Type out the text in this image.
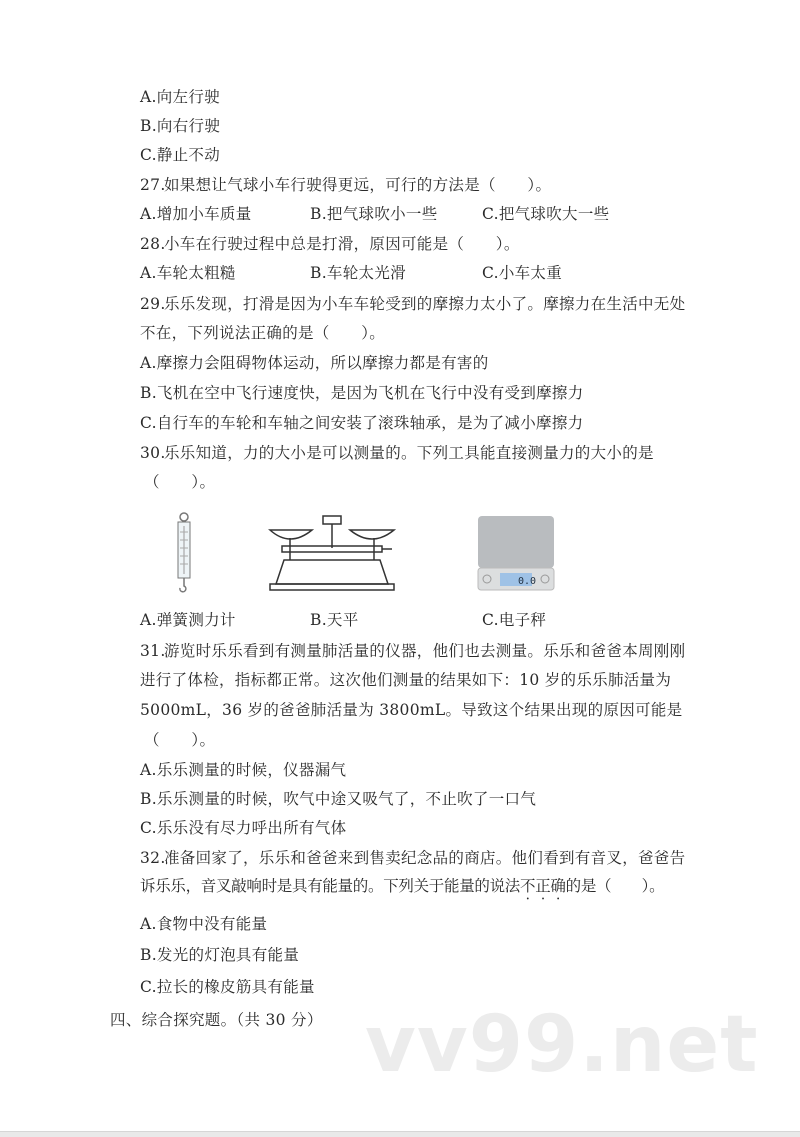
A.向左行驶
B.向右行驶
C.静止不动
27.如果想让气球小车行驶得更远，可行的方法是（　　）。
A.增加小车质量	B.把气球吹小一些	C.把气球吹大一些
28.小车在行驶过程中总是打滑，原因可能是（　　）。
A.车轮太粗糙	B.车轮太光滑	C.小车太重
29.乐乐发现，打滑是因为小车车轮受到的摩擦力太小了。摩擦力在生活中无处
不在，下列说法正确的是（　　）。
A.摩擦力会阻碍物体运动，所以摩擦力都是有害的
B.飞机在空中飞行速度快，是因为飞机在飞行中没有受到摩擦力
C.自行车的车轮和车轴之间安装了滚珠轴承，是为了减小摩擦力
30.乐乐知道，力的大小是可以测量的。下列工具能直接测量力的大小的是
（　　）。
0.0
A.弹簧测力计	B.天平	C.电子秤
31.游览时乐乐看到有测量肺活量的仪器，他们也去测量。乐乐和爸爸本周刚刚
进行了体检，指标都正常。这次他们测量的结果如下：10 岁的乐乐肺活量为
5000mL，36 岁的爸爸肺活量为 3800mL。导致这个结果出现的原因可能是
（　　）。
A.乐乐测量的时候，仪器漏气
B.乐乐测量的时候，吹气中途又吸气了，不止吹了一口气
C.乐乐没有尽力呼出所有气体
32.准备回家了，乐乐和爸爸来到售卖纪念品的商店。他们看到有音叉，爸爸告
诉乐乐，音叉敲响时是具有能量的。下列关于能量的说法不正确的是（　　）。
A.食物中没有能量
B.发光的灯泡具有能量
C.拉长的橡皮筋具有能量
四、综合探究题。（共 30 分） vv99.net
